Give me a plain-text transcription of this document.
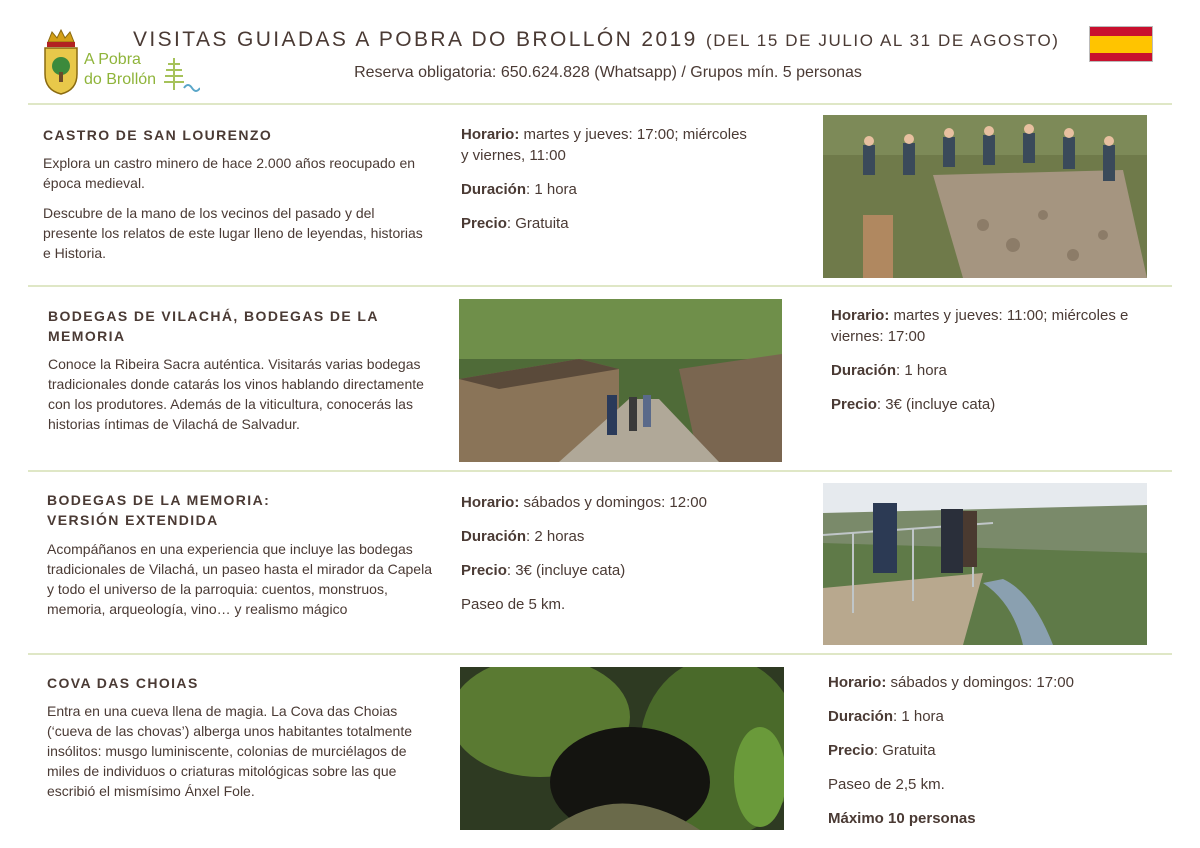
A Pobra
do Brollón
VISITAS GUIADAS A POBRA DO BROLLÓN 2019 (DEL 15 DE JULIO AL 31 DE AGOSTO)
Reserva obligatoria: 650.624.828 (Whatsapp) / Grupos mín. 5 personas
CASTRO DE SAN LOURENZO

Explora un castro minero de hace 2.000 años reocupado en época medieval.

Descubre de la mano de los vecinos del pasado y del presente los relatos de este lugar lleno de leyendas, historias e Historia.

Horario: martes y jueves: 17:00; miércoles y viernes, 11:00
Duración: 1 hora
Precio: Gratuita
BODEGAS DE VILACHÁ, BODEGAS DE LA MEMORIA

Conoce la Ribeira Sacra auténtica. Visitarás varias bodegas tradicionales donde catarás los vinos hablando directamente con los produtores. Además de la viticultura, conocerás las historias íntimas de Vilachá de Salvadur.

Horario: martes y jueves: 11:00; miércoles e viernes: 17:00
Duración: 1 hora
Precio: 3€ (incluye cata)
BODEGAS DE LA MEMORIA:
VERSIÓN EXTENDIDA

Acompáñanos en una experiencia que incluye las bodegas tradicionales de Vilachá, un paseo hasta el mirador da Capela y todo el universo de la parroquia: cuentos, monstruos, memoria, arqueología, vino… y realismo mágico

Horario: sábados y domingos: 12:00
Duración: 2 horas
Precio: 3€ (incluye cata)
Paseo de 5 km.
COVA DAS CHOIAS

Entra en una cueva llena de magia. La Cova das Choias (‘cueva de las chovas’) alberga unos habitantes totalmente insólitos: musgo luminiscente, colonias de murciélagos de miles de individuos o criaturas mitológicas sobre las que escribió el mismísimo Ánxel Fole.

Horario: sábados y domingos: 17:00
Duración: 1 hora
Precio: Gratuita
Paseo de 2,5 km.
Máximo 10 personas
